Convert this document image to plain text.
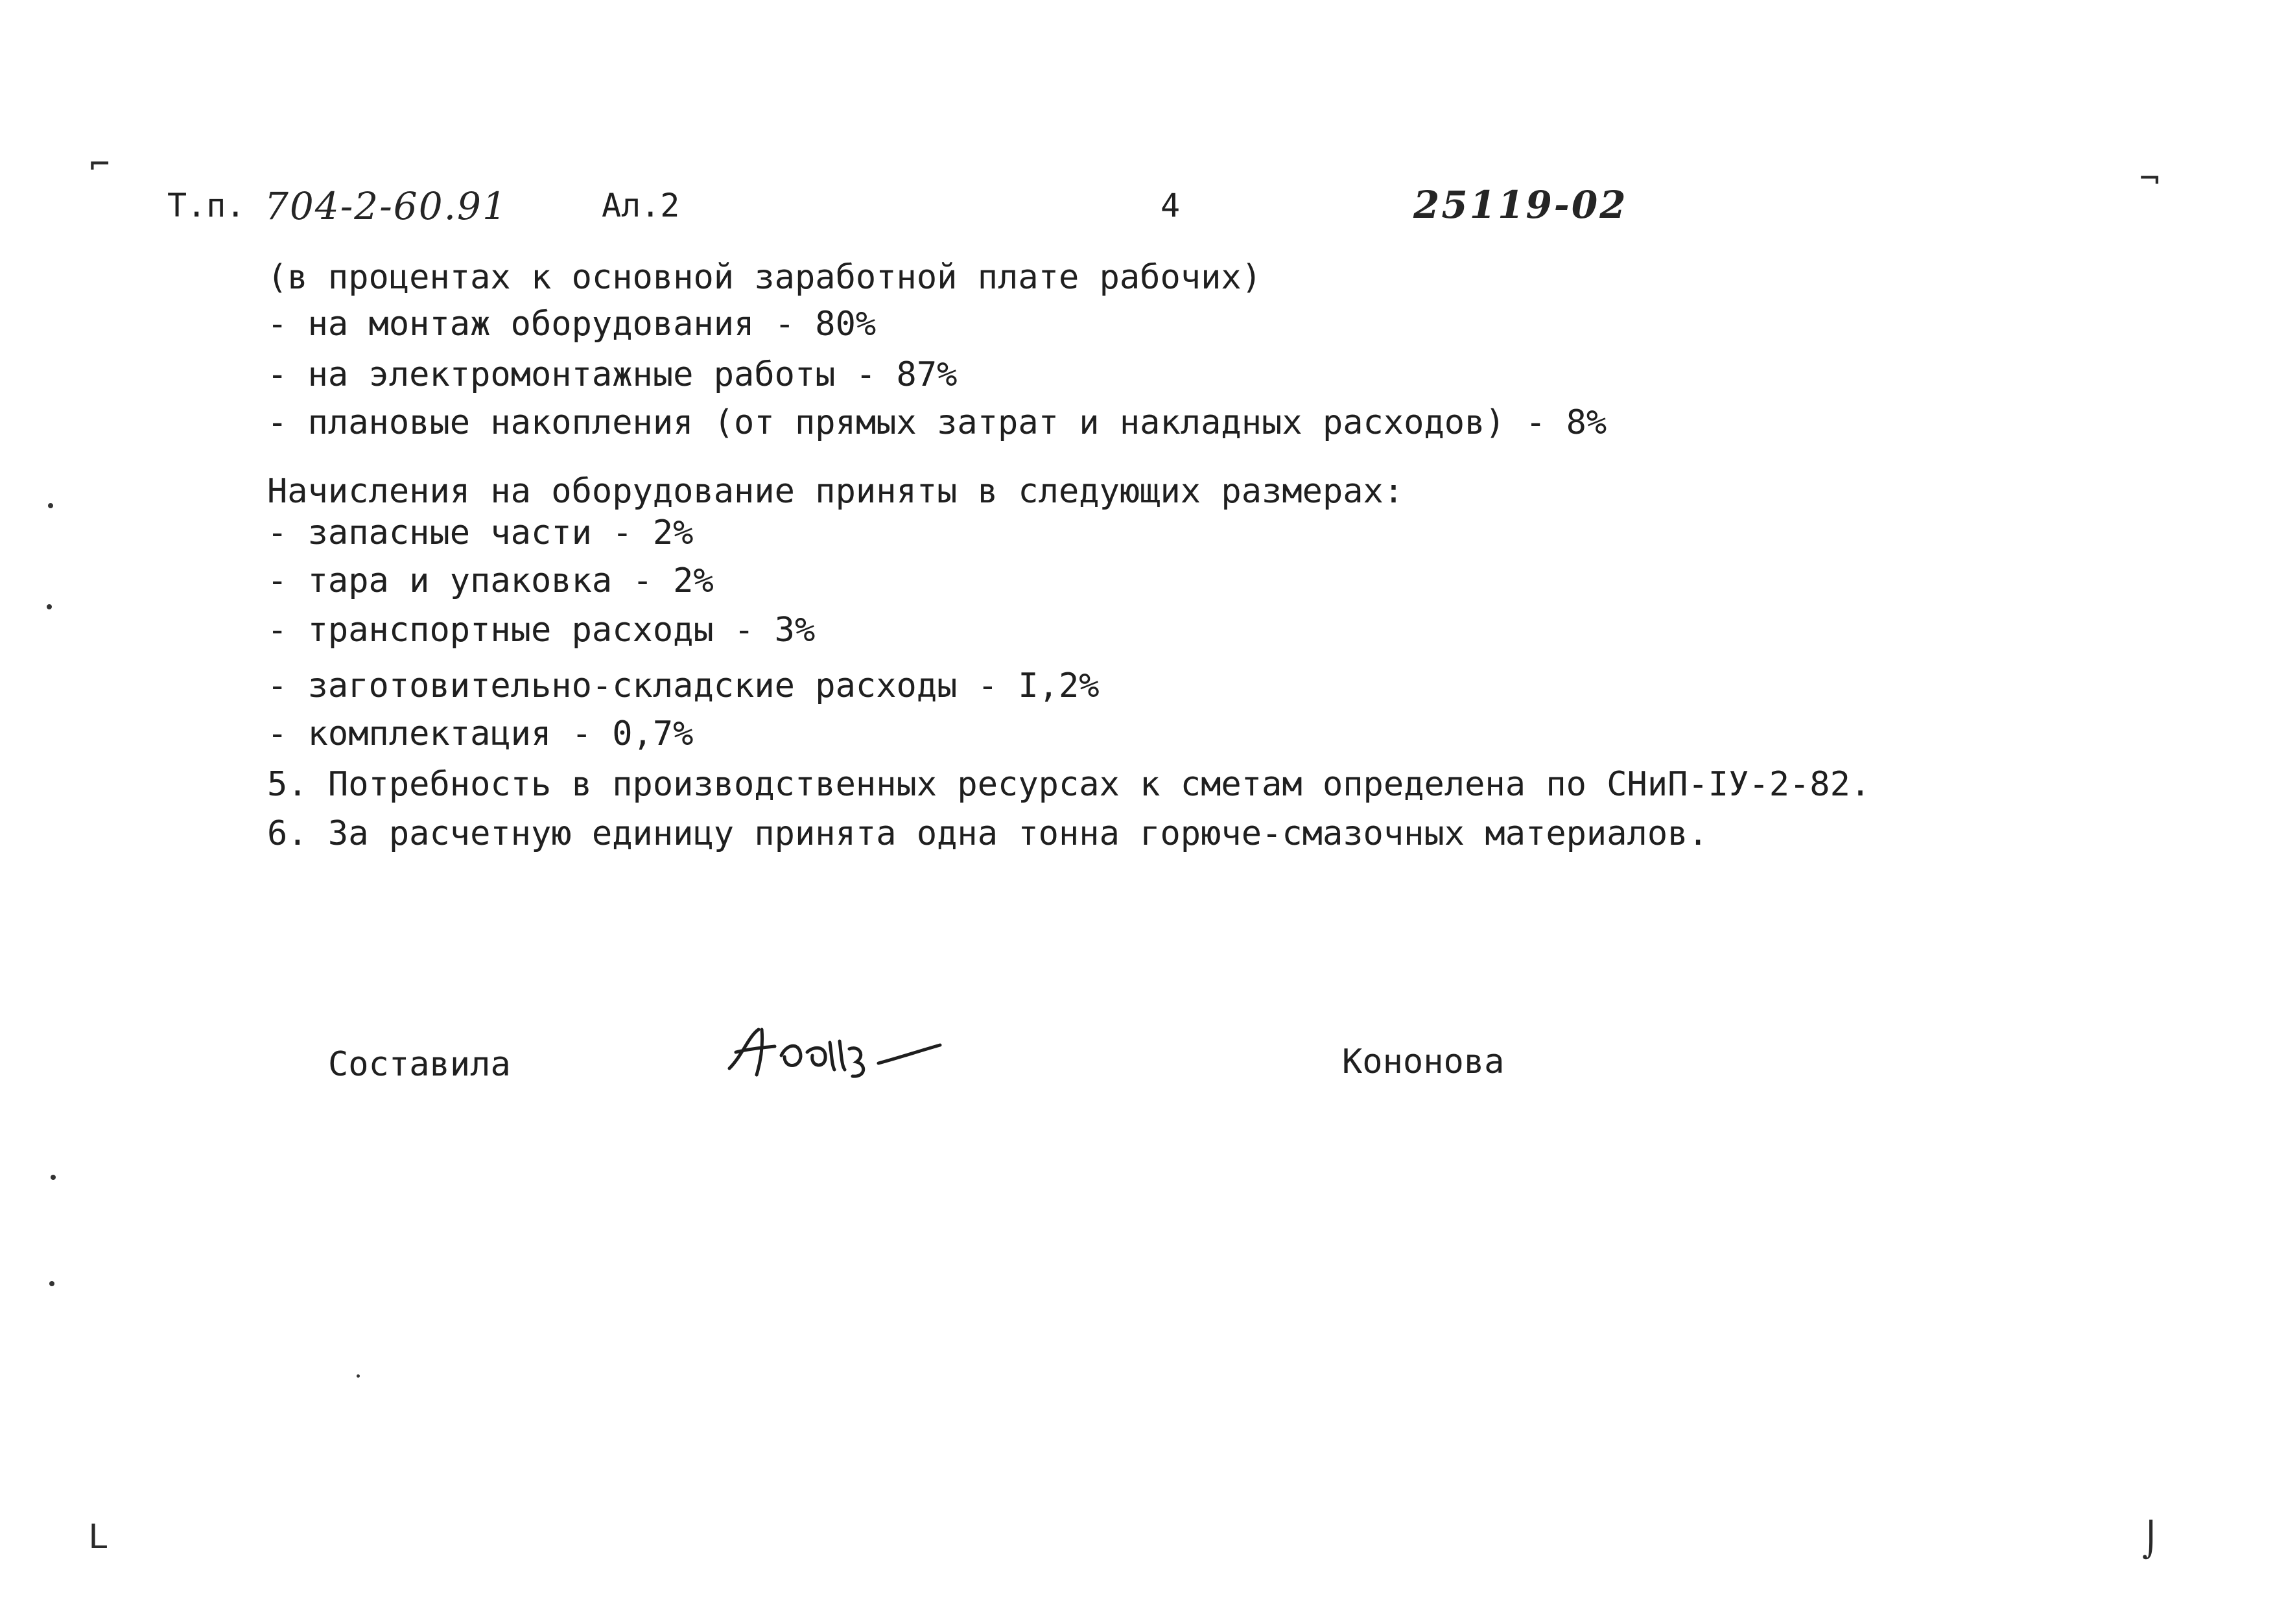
⌐	¬
L	⌡
Т.п. 704-2-60.91	Ал.2	4	25119-02
(в процентах к основной заработной плате рабочих)
- на монтаж оборудования - 80%
- на электромонтажные работы - 87%
- плановые накопления (от прямых затрат и накладных расходов) - 8%
Начисления на оборудование приняты в следующих размерах:
- запасные части - 2%
- тара и упаковка - 2%
- транспортные расходы - 3%
- заготовительно-складские расходы - I,2%
- комплектация - 0,7%
5. Потребность в производственных ресурсах к сметам определена по СНиП-IУ-2-82.
6. За расчетную единицу принята одна тонна горюче-смазочных материалов.
Составила	Кононова
